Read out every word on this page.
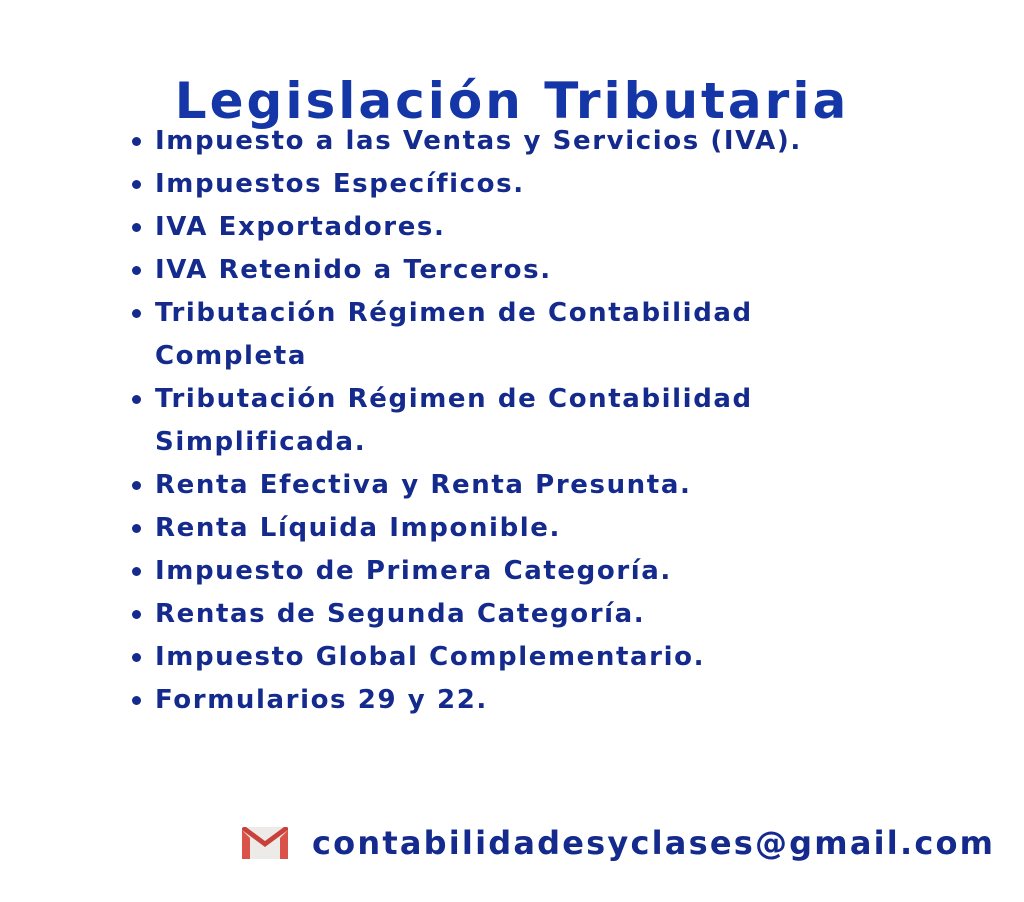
Legislación Tributaria
Impuesto a las Ventas y Servicios (IVA).
Impuestos Específicos.
IVA Exportadores.
IVA Retenido a Terceros.
Tributación Régimen de Contabilidad Completa
Tributación Régimen de Contabilidad Simplificada.
Renta Efectiva y Renta Presunta.
Renta Líquida Imponible.
Impuesto de Primera Categoría.
Rentas de Segunda Categoría.
Impuesto Global Complementario.
Formularios 29 y 22.
contabilidadesyclases@gmail.com
